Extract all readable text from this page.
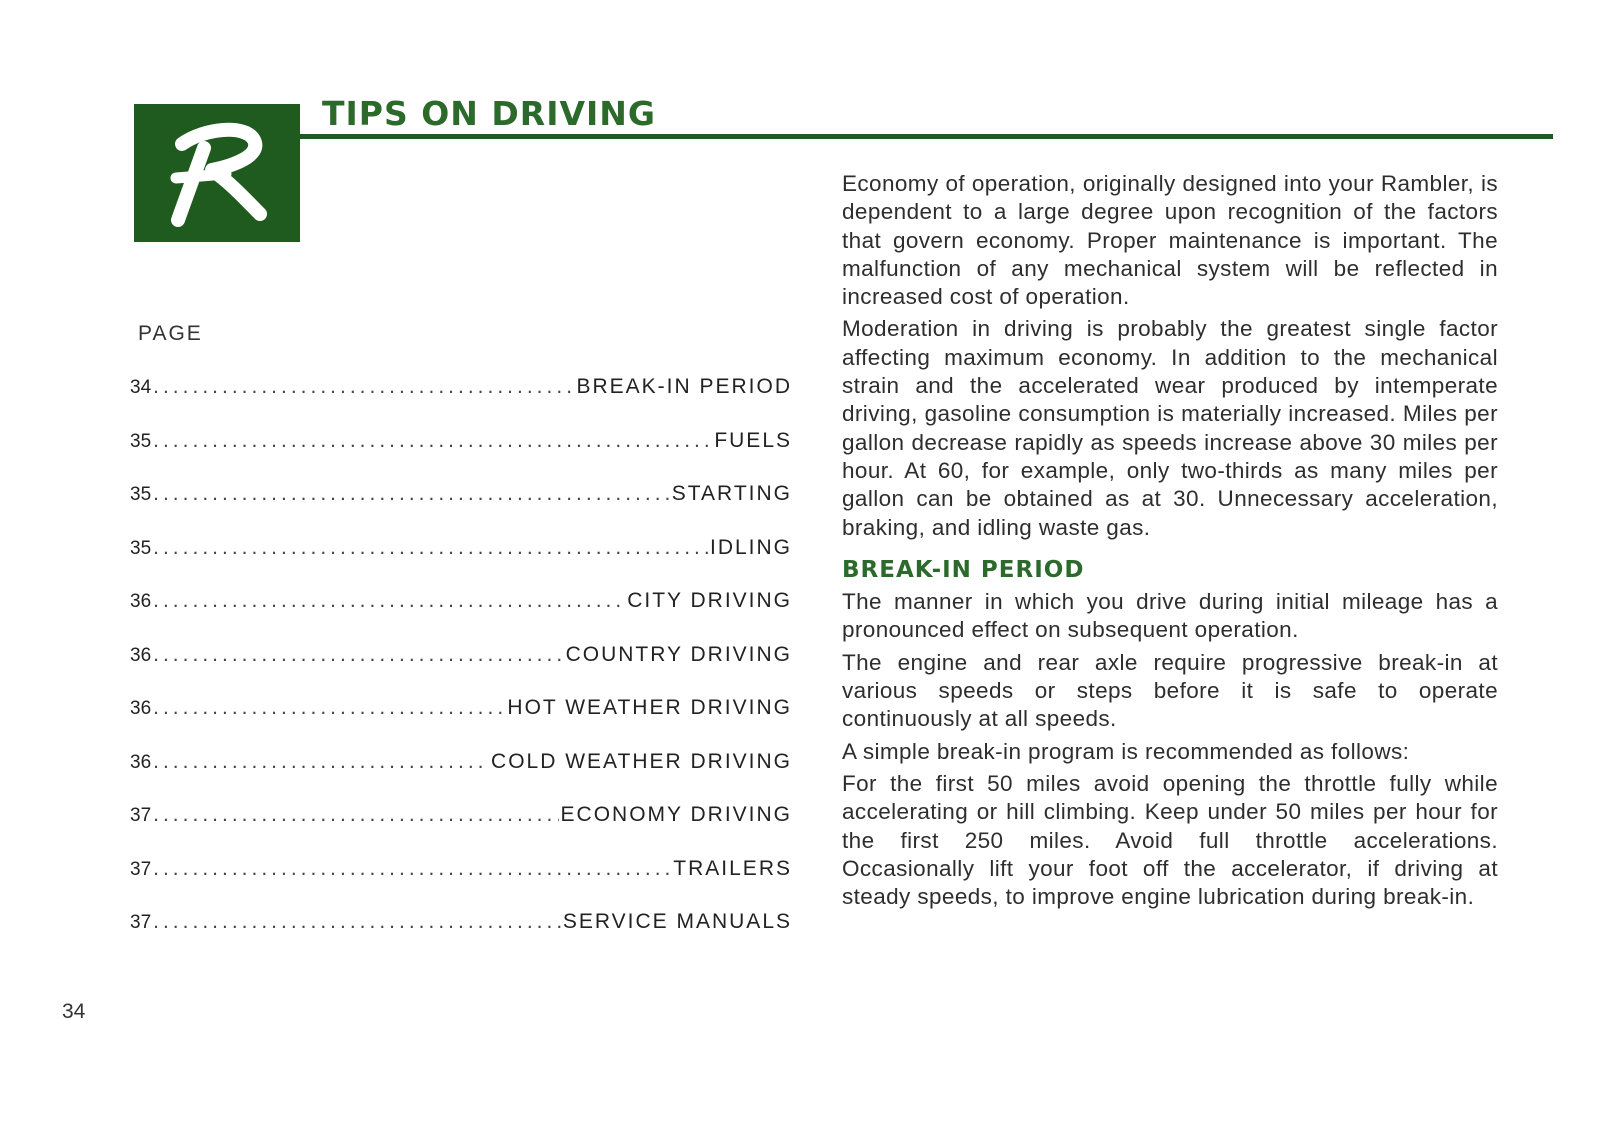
TIPS ON DRIVING
PAGE
34 .....	BREAK-IN PERIOD
35 .....	FUELS
35 .....	STARTING
35 .....	IDLING
36 .....	CITY DRIVING
36 .....	COUNTRY DRIVING
36 .....	HOT WEATHER DRIVING
36 .....	COLD WEATHER DRIVING
37 .....	ECONOMY DRIVING
37 .....	TRAILERS
37 .....	SERVICE MANUALS

Economy of operation, originally designed into your Rambler, is dependent to a large degree upon recognition of the factors that govern economy. Proper maintenance is important. The malfunction of any mechanical system will be reflected in increased cost of operation.

Moderation in driving is probably the greatest single factor affecting maximum economy. In addition to the mechanical strain and the accelerated wear produced by intemperate driving, gasoline consumption is materially increased. Miles per gallon decrease rapidly as speeds increase above 30 miles per hour. At 60, for example, only two-thirds as many miles per gallon can be obtained as at 30. Unnecessary acceleration, braking, and idling waste gas.

BREAK-IN PERIOD

The manner in which you drive during initial mileage has a pronounced effect on subsequent operation.

The engine and rear axle require progressive break-in at various speeds or steps before it is safe to operate continuously at all speeds.

A simple break-in program is recommended as follows:

For the first 50 miles avoid opening the throttle fully while accelerating or hill climbing. Keep under 50 miles per hour for the first 250 miles. Avoid full throttle accelerations. Occasionally lift your foot off the accelerator, if driving at steady speeds, to improve engine lubrication during break-in.

34
